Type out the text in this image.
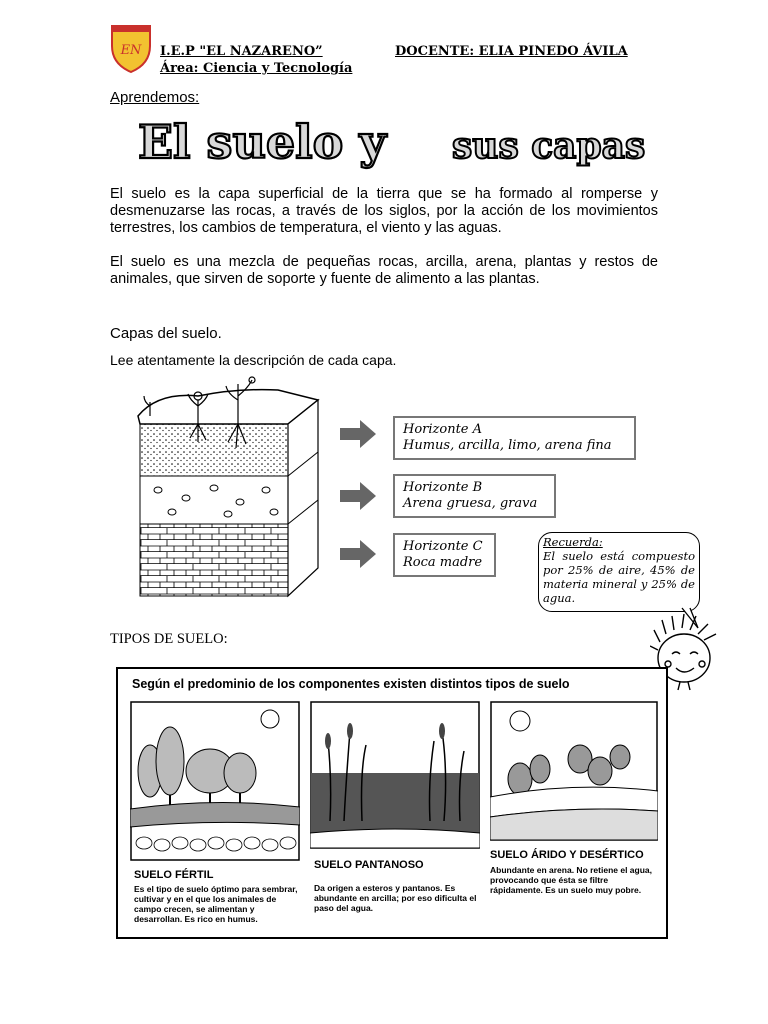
EN I.E.P "EL NAZARENO”	DOCENTE: ELIA PINEDO ÁVILA
Área: Ciencia y Tecnología
Aprendemos:
El suelo y sus capas
El suelo es la capa superficial de la tierra que se ha formado al romperse y desmenuzarse las rocas, a través de los siglos, por la acción de los movimientos terrestres, los cambios de temperatura, el viento y las aguas.
El suelo es una mezcla de pequeñas rocas, arcilla, arena, plantas y restos de animales, que sirven de soporte y fuente de alimento a las plantas.
Capas del suelo.
Lee atentamente la descripción de cada capa.
Horizonte A
Humus, arcilla, limo, arena fina
Horizonte B
Arena gruesa, grava
Horizonte C
Roca madre
Recuerda:
El suelo está compuesto por 25% de aire, 45% de materia mineral y 25% de agua.
TIPOS DE SUELO:
Según el predominio de los componentes existen distintos tipos de suelo
SUELO FÉRTIL
Es el tipo de suelo óptimo para sembrar, cultivar y en el que los animales de campo crecen, se alimentan y desarrollan. Es rico en humus.
SUELO PANTANOSO
Da origen a esteros y pantanos. Es abundante en arcilla; por eso dificulta el paso del agua.
SUELO ÁRIDO Y DESÉRTICO
Abundante en arena. No retiene el agua, provocando que ésta se filtre rápidamente. Es un suelo muy pobre.
